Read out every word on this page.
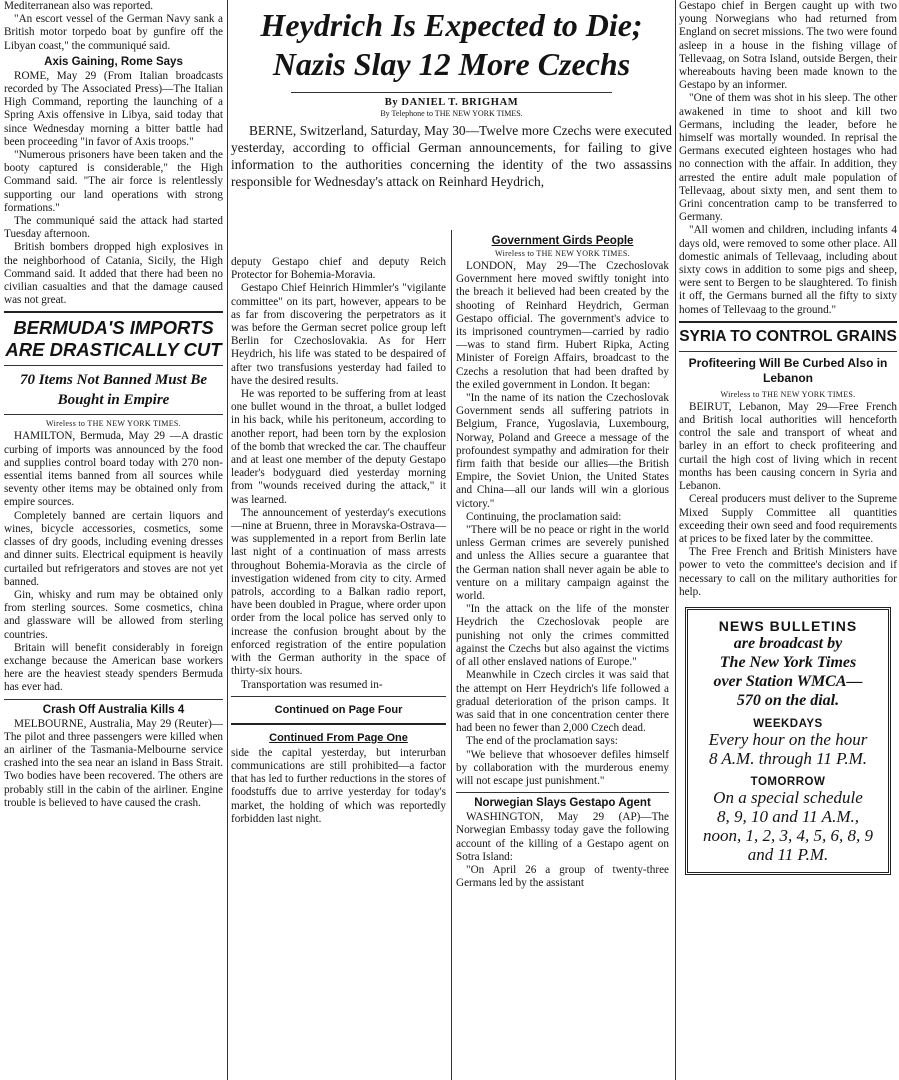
Mediterranean also was reported.

"An escort vessel of the German Navy sank a British motor torpedo boat by gunfire off the Libyan coast," the communiqué said.

Axis Gaining, Rome Says

ROME, May 29 (From Italian broadcasts recorded by The Associated Press)—The Italian High Command, reporting the launching of a Spring Axis offensive in Libya, said today that since Wednesday morning a bitter battle had been proceeding "in favor of Axis troops."

"Numerous prisoners have been taken and the booty captured is considerable," the High Command said. "The air force is relentlessly supporting our land operations with strong formations."

The communiqué said the attack had started Tuesday afternoon.

British bombers dropped high explosives in the neighborhood of Catania, Sicily, the High Command said. It added that there had been no civilian casualties and that the damage caused was not great.

BERMUDA'S IMPORTS ARE DRASTICALLY CUT
70 Items Not Banned Must Be Bought in Empire
Wireless to THE NEW YORK TIMES.

HAMILTON, Bermuda, May 29 —A drastic curbing of imports was announced by the food and supplies control board today with 270 non-essential items banned from all sources while seventy other items may be obtained only from empire sources.

Completely banned are certain liquors and wines, bicycle accessories, cosmetics, some classes of dry goods, including evening dresses and dinner suits. Electrical equipment is heavily curtailed but refrigerators and stoves are not yet banned.

Gin, whisky and rum may be obtained only from sterling sources. Some cosmetics, china and glassware will be allowed from sterling countries.

Britain will benefit considerably in foreign exchange because the American base workers here are the heaviest steady spenders Bermuda has ever had.

Crash Off Australia Kills 4

MELBOURNE, Australia, May 29 (Reuter)—The pilot and three passengers were killed when an airliner of the Tasmania-Melbourne service crashed into the sea near an island in Bass Strait. Two bodies have been recovered. The others are probably still in the cabin of the airliner. Engine trouble is believed to have caused the crash.

Heydrich Is Expected to Die; Nazis Slay 12 More Czechs
By DANIEL T. BRIGHAM
By Telephone to THE NEW YORK TIMES.

BERNE, Switzerland, Saturday, May 30—Twelve more Czechs were executed yesterday, according to official German announcements, for failing to give information to the authorities concerning the identity of the two assassins responsible for Wednesday's attack on Reinhard Heydrich,

deputy Gestapo chief and deputy Reich Protector for Bohemia-Moravia.

Gestapo Chief Heinrich Himmler's "vigilante committee" on its part, however, appears to be as far from discovering the perpetrators as it was before the German secret police group left Berlin for Czechoslovakia. As for Herr Heydrich, his life was stated to be despaired of after two transfusions yesterday had failed to have the desired results.

He was reported to be suffering from at least one bullet wound in the throat, a bullet lodged in his back, while his peritoneum, according to another report, had been torn by the explosion of the bomb that wrecked the car. The chauffeur and at least one member of the deputy Gestapo leader's bodyguard died yesterday morning from "wounds received during the attack," it was learned.

The announcement of yesterday's executions—nine at Bruenn, three in Moravska-Ostrava—was supplemented in a report from Berlin late last night of a continuation of mass arrests throughout Bohemia-Moravia as the circle of investigation widened from city to city. Armed patrols, according to a Balkan radio report, have been doubled in Prague, where order upon order from the local police has served only to increase the confusion brought about by the enforced registration of the entire population with the German authority in the space of thirty-six hours.

Transportation was resumed in-

Continued on Page Four
Continued From Page One

side the capital yesterday, but interurban communications are still prohibited—a factor that has led to further reductions in the stores of foodstuffs due to arrive yesterday for today's market, the holding of which was reportedly forbidden last night.

Government Girds People
Wireless to THE NEW YORK TIMES.

LONDON, May 29—The Czechoslovak Government here moved swiftly tonight into the breach it believed had been created by the shooting of Reinhard Heydrich, German Gestapo official. The government's advice to its imprisoned countrymen—carried by radio—was to stand firm. Hubert Ripka, Acting Minister of Foreign Affairs, broadcast to the Czechs a resolution that had been drafted by the exiled government in London. It began:

"In the name of its nation the Czechoslovak Government sends all suffering patriots in Belgium, France, Yugoslavia, Luxembourg, Norway, Poland and Greece a message of the profoundest sympathy and admiration for their firm faith that beside our allies—the British Empire, the Soviet Union, the United States and China—all our lands will win a glorious victory."

Continuing, the proclamation said:

"There will be no peace or right in the world unless German crimes are severely punished and unless the Allies secure a guarantee that the German nation shall never again be able to venture on a military campaign against the world.

"In the attack on the life of the monster Heydrich the Czechoslovak people are punishing not only the crimes committed against the Czechs but also against the victims of all other enslaved nations of Europe."

Meanwhile in Czech circles it was said that the attempt on Herr Heydrich's life followed a gradual deterioration of the prison camps. It was said that in one concentration center there had been no fewer than 2,000 Czech dead.

The end of the proclamation says:

"We believe that whosoever defiles himself by collaboration with the murderous enemy will not escape just punishment."

Norwegian Slays Gestapo Agent

WASHINGTON, May 29 (AP)—The Norwegian Embassy today gave the following account of the killing of a Gestapo agent on Sotra Island:

"On April 26 a group of twenty-three Germans led by the assistant

Gestapo chief in Bergen caught up with two young Norwegians who had returned from England on secret missions. The two were found asleep in a house in the fishing village of Tellevaag, on Sotra Island, outside Bergen, their whereabouts having been made known to the Gestapo by an informer.

"One of them was shot in his sleep. The other awakened in time to shoot and kill two Germans, including the leader, before he himself was mortally wounded. In reprisal the Germans executed eighteen hostages who had no connection with the affair. In addition, they arrested the entire adult male population of Tellevaag, about sixty men, and sent them to Grini concentration camp to be transferred to Germany.

"All women and children, including infants 4 days old, were removed to some other place. All domestic animals of Tellevaag, including about sixty cows in addition to some pigs and sheep, were sent to Bergen to be slaughtered. To finish it off, the Germans burned all the fifty to sixty homes of Tellevaag to the ground."

SYRIA TO CONTROL GRAINS
Profiteering Will Be Curbed Also in Lebanon
Wireless to THE NEW YORK TIMES.

BEIRUT, Lebanon, May 29—Free French and British local authorities will henceforth control the sale and transport of wheat and barley in an effort to check profiteering and curtail the high cost of living which in recent months has been causing concern in Syria and Lebanon.

Cereal producers must deliver to the Supreme Mixed Supply Committee all quantities exceeding their own seed and food requirements at prices to be fixed later by the committee.

The Free French and British Ministers have power to veto the committee's decision and if necessary to call on the military authorities for help.

NEWS BULLETINS
are broadcast by
The New York Times
over Station WMCA—
570 on the dial.
WEEKDAYS
Every hour on the hour
8 A.M. through 11 P.M.
TOMORROW
On a special schedule
8, 9, 10 and 11 A.M.,
noon, 1, 2, 3, 4, 5, 6, 8, 9
and 11 P.M.
